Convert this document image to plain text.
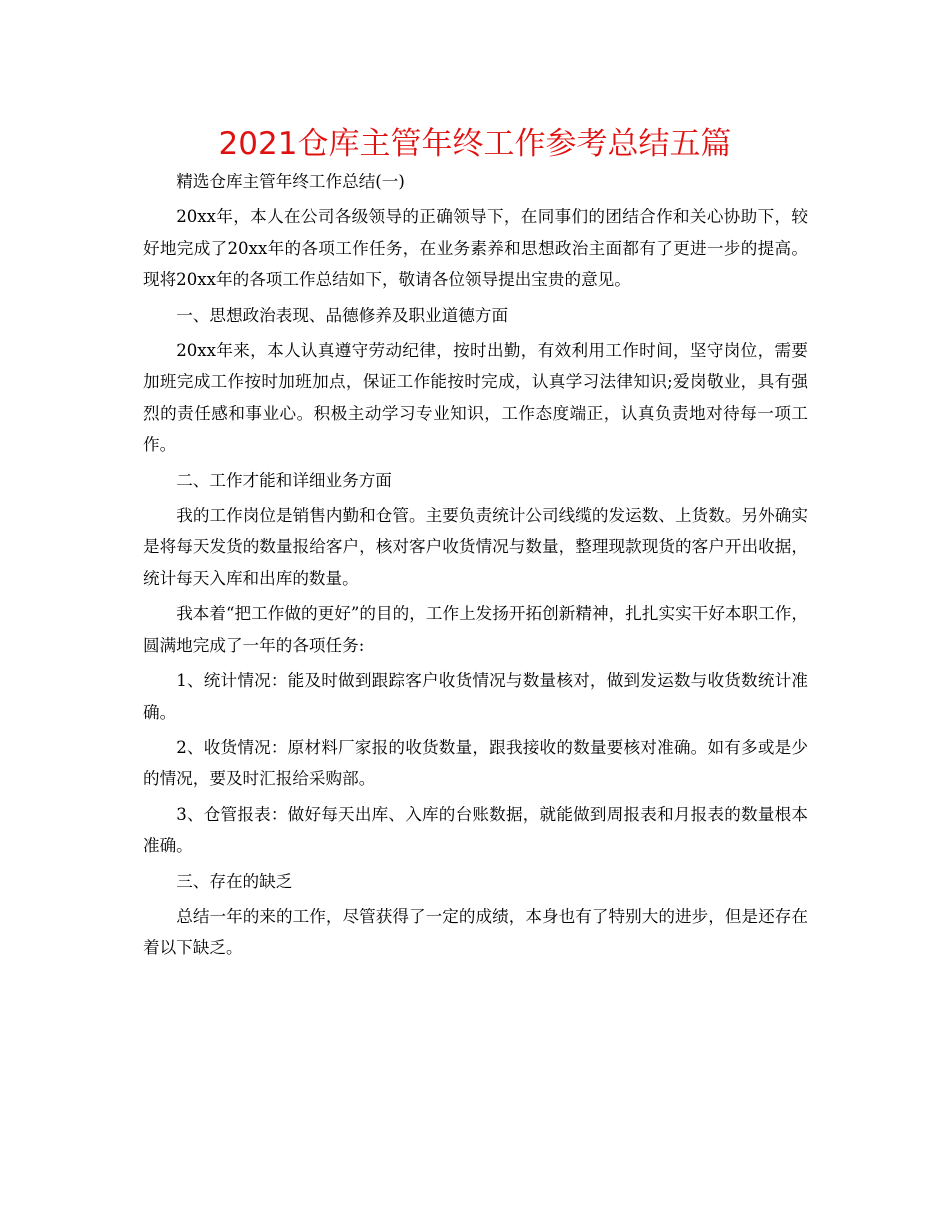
2021仓库主管年终工作参考总结五篇

精选仓库主管年终工作总结(一)

20xx年，本人在公司各级领导的正确领导下，在同事们的团结合作和关心协助下，较好地完成了20xx年的各项工作任务，在业务素养和思想政治主面都有了更进一步的提高。现将20xx年的各项工作总结如下，敬请各位领导提出宝贵的意见。

一、思想政治表现、品德修养及职业道德方面

20xx年来，本人认真遵守劳动纪律，按时出勤，有效利用工作时间，坚守岗位，需要加班完成工作按时加班加点，保证工作能按时完成，认真学习法律知识;爱岗敬业，具有强烈的责任感和事业心。积极主动学习专业知识，工作态度端正，认真负责地对待每一项工作。

二、工作才能和详细业务方面

我的工作岗位是销售内勤和仓管。主要负责统计公司线缆的发运数、上货数。另外确实是将每天发货的数量报给客户，核对客户收货情况与数量，整理现款现货的客户开出收据，统计每天入库和出库的数量。

我本着“把工作做的更好”的目的，工作上发扬开拓创新精神，扎扎实实干好本职工作，圆满地完成了一年的各项任务:

1、统计情况：能及时做到跟踪客户收货情况与数量核对，做到发运数与收货数统计准确。

2、收货情况：原材料厂家报的收货数量，跟我接收的数量要核对准确。如有多或是少的情况，要及时汇报给采购部。

3、仓管报表：做好每天出库、入库的台账数据，就能做到周报表和月报表的数量根本准确。

三、存在的缺乏

总结一年的来的工作，尽管获得了一定的成绩，本身也有了特别大的进步，但是还存在着以下缺乏。
